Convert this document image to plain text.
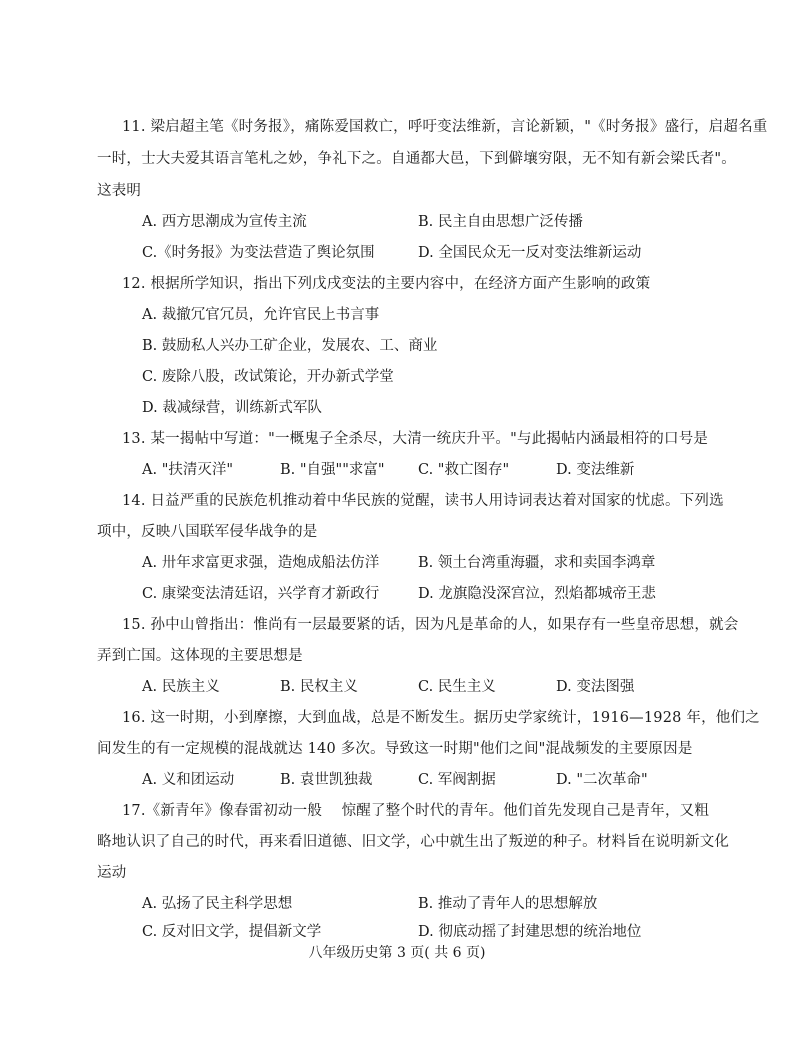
11. 梁启超主笔《时务报》，痛陈爱国救亡，呼吁变法维新，言论新颖，"《时务报》盛行，启超名重
一时，士大夫爱其语言笔札之妙，争礼下之。自通都大邑，下到僻壤穷限，无不知有新会梁氏者"。
这表明
A. 西方思潮成为宣传主流	B. 民主自由思想广泛传播
C.《时务报》为变法营造了舆论氛围	D. 全国民众无一反对变法维新运动
12. 根据所学知识，指出下列戊戌变法的主要内容中，在经济方面产生影响的政策
A. 裁撤冗官冗员，允许官民上书言事
B. 鼓励私人兴办工矿企业，发展农、工、商业
C. 废除八股，改试策论，开办新式学堂
D. 裁减绿营，训练新式军队
13. 某一揭帖中写道："一概鬼子全杀尽，大清一统庆升平。"与此揭帖内涵最相符的口号是
A. "扶清灭洋"	B. "自强""求富" C. "救亡图存"	D. 变法维新
14. 日益严重的民族危机推动着中华民族的觉醒，读书人用诗词表达着对国家的忧虑。下列选
项中，反映八国联军侵华战争的是
A. 卅年求富更求强，造炮成船法仿洋	B. 领土台湾重海疆，求和卖国李鸿章
C. 康梁变法清廷诏，兴学育才新政行	D. 龙旗隐没深宫泣，烈焰都城帝王悲
15. 孙中山曾指出：惟尚有一层最要紧的话，因为凡是革命的人，如果存有一些皇帝思想，就会
弄到亡国。这体现的主要思想是
A. 民族主义	B. 民权主义	C. 民生主义	D. 变法图强
16. 这一时期，小到摩擦，大到血战，总是不断发生。据历史学家统计，1916—1928 年，他们之
间发生的有一定规模的混战就达 140 多次。导致这一时期"他们之间"混战频发的主要原因是
A. 义和团运动	B. 袁世凯独裁	C. 军阀割据	D. "二次革命"
17.《新青年》像春雷初动一般　 惊醒了整个时代的青年。他们首先发现自己是青年，又粗
略地认识了自己的时代，再来看旧道德、旧文学，心中就生出了叛逆的种子。材料旨在说明新文化
运动
A. 弘扬了民主科学思想	B. 推动了青年人的思想解放
C. 反对旧文学，提倡新文学	D. 彻底动摇了封建思想的统治地位
八年级历史第 3 页( 共 6 页)
